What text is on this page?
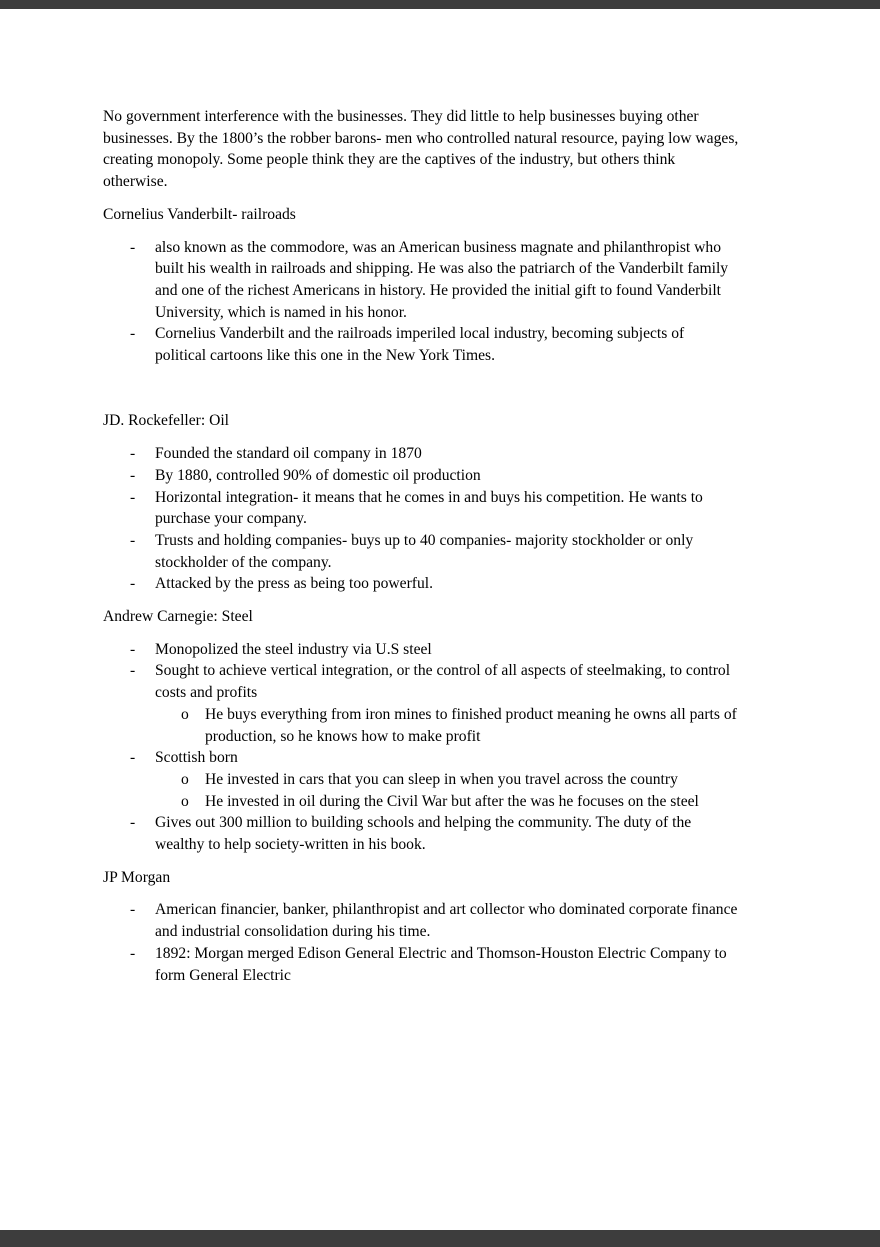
No government interference with the businesses. They did little to help businesses buying other businesses. By the 1800’s the robber barons- men who controlled natural resource, paying low wages, creating monopoly. Some people think they are the captives of the industry, but others think otherwise.
Cornelius Vanderbilt- railroads
-	also known as the commodore, was an American business magnate and philanthropist who built his wealth in railroads and shipping. He was also the patriarch of the Vanderbilt family and one of the richest Americans in history. He provided the initial gift to found Vanderbilt University, which is named in his honor.
-	Cornelius Vanderbilt and the railroads imperiled local industry, becoming subjects of political cartoons like this one in the New York Times.
JD. Rockefeller: Oil
-	Founded the standard oil company in 1870
-	By 1880, controlled 90% of domestic oil production
-	Horizontal integration- it means that he comes in and buys his competition. He wants to purchase your company.
-	Trusts and holding companies- buys up to 40 companies- majority stockholder or only stockholder of the company.
-	Attacked by the press as being too powerful.
Andrew Carnegie: Steel
-	Monopolized the steel industry via U.S steel
-	Sought to achieve vertical integration, or the control of all aspects of steelmaking, to control costs and profits
o	He buys everything from iron mines to finished product meaning he owns all parts of production, so he knows how to make profit
-	Scottish born
o	He invested in cars that you can sleep in when you travel across the country
o	He invested in oil during the Civil War but after the was he focuses on the steel
-	Gives out 300 million to building schools and helping the community. The duty of the wealthy to help society-written in his book.
JP Morgan
-	American financier, banker, philanthropist and art collector who dominated corporate finance and industrial consolidation during his time.
-	1892: Morgan merged Edison General Electric and Thomson-Houston Electric Company to form General Electric
